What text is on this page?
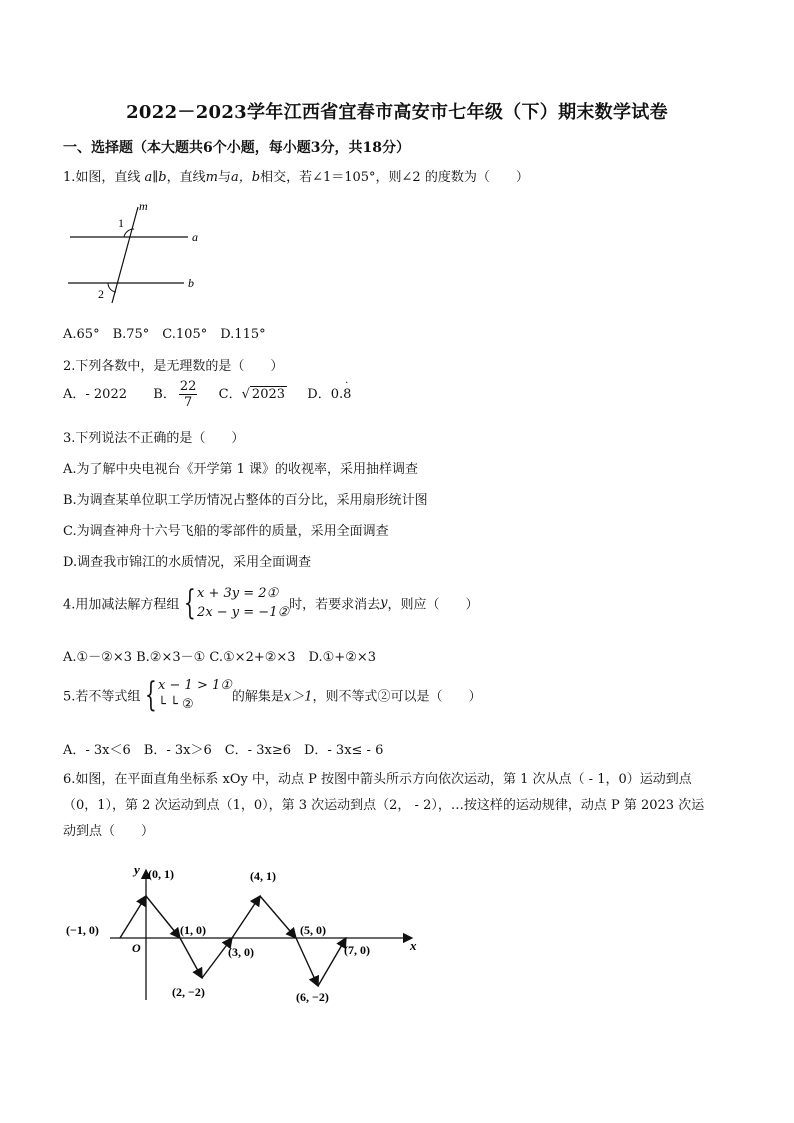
2022－2023学年江西省宜春市高安市七年级（下）期末数学试卷
一、选择题（本大题共6个小题，每小题3分，共18分）
1.如图，直线 a∥b，直线m与a，b相交，若∠1＝105°，则∠2 的度数为（　　）
m
a
b
1
2
A.65°　B.75°　C.105°　D.115°
2.下列各数中，是无理数的是（　　）
A．- 2022 B． $\frac{22}{7}$ C．√ 2023 D．0.
·
8
3.下列说法不正确的是（　　）
A.为了解中央电视台《开学第 1 课》的收视率，采用抽样调查
B.为调查某单位职工学历情况占整体的百分比，采用扇形统计图
C.为调查神舟十六号飞船的零部件的质量，采用全面调查
D.调查我市锦江的水质情况，采用全面调查
4.用加减法解方程组 { x + 3y = 2①
2x − y = −1② 时，若要求消去y，则应（　　）
A.①－②×3 B.②×3－① C.①×2+②×3　D.①+②×3
5.若不等式组 { x − 1 > 1①
└ └ ②	的解集是x＞1，则不等式②可以是（　　）
A．- 3x＜6　B．- 3x＞6　C．- 3x≥6　D．- 3x≤ - 6
6.如图，在平面直角坐标系 xOy 中，动点 P 按图中箭头所示方向依次运动，第 1 次从点（ - 1，0）运动到点
（0，1），第 2 次运动到点（1，0），第 3 次运动到点（2， - 2），…按这样的运动规律，动点 P 第 2023 次运
动到点（　　）
y
x
O
(−1, 0)
(0, 1)
(1, 0)
(2, −2)
(3, 0)
(4, 1)
(5, 0)
(6, −2)
(7, 0)
